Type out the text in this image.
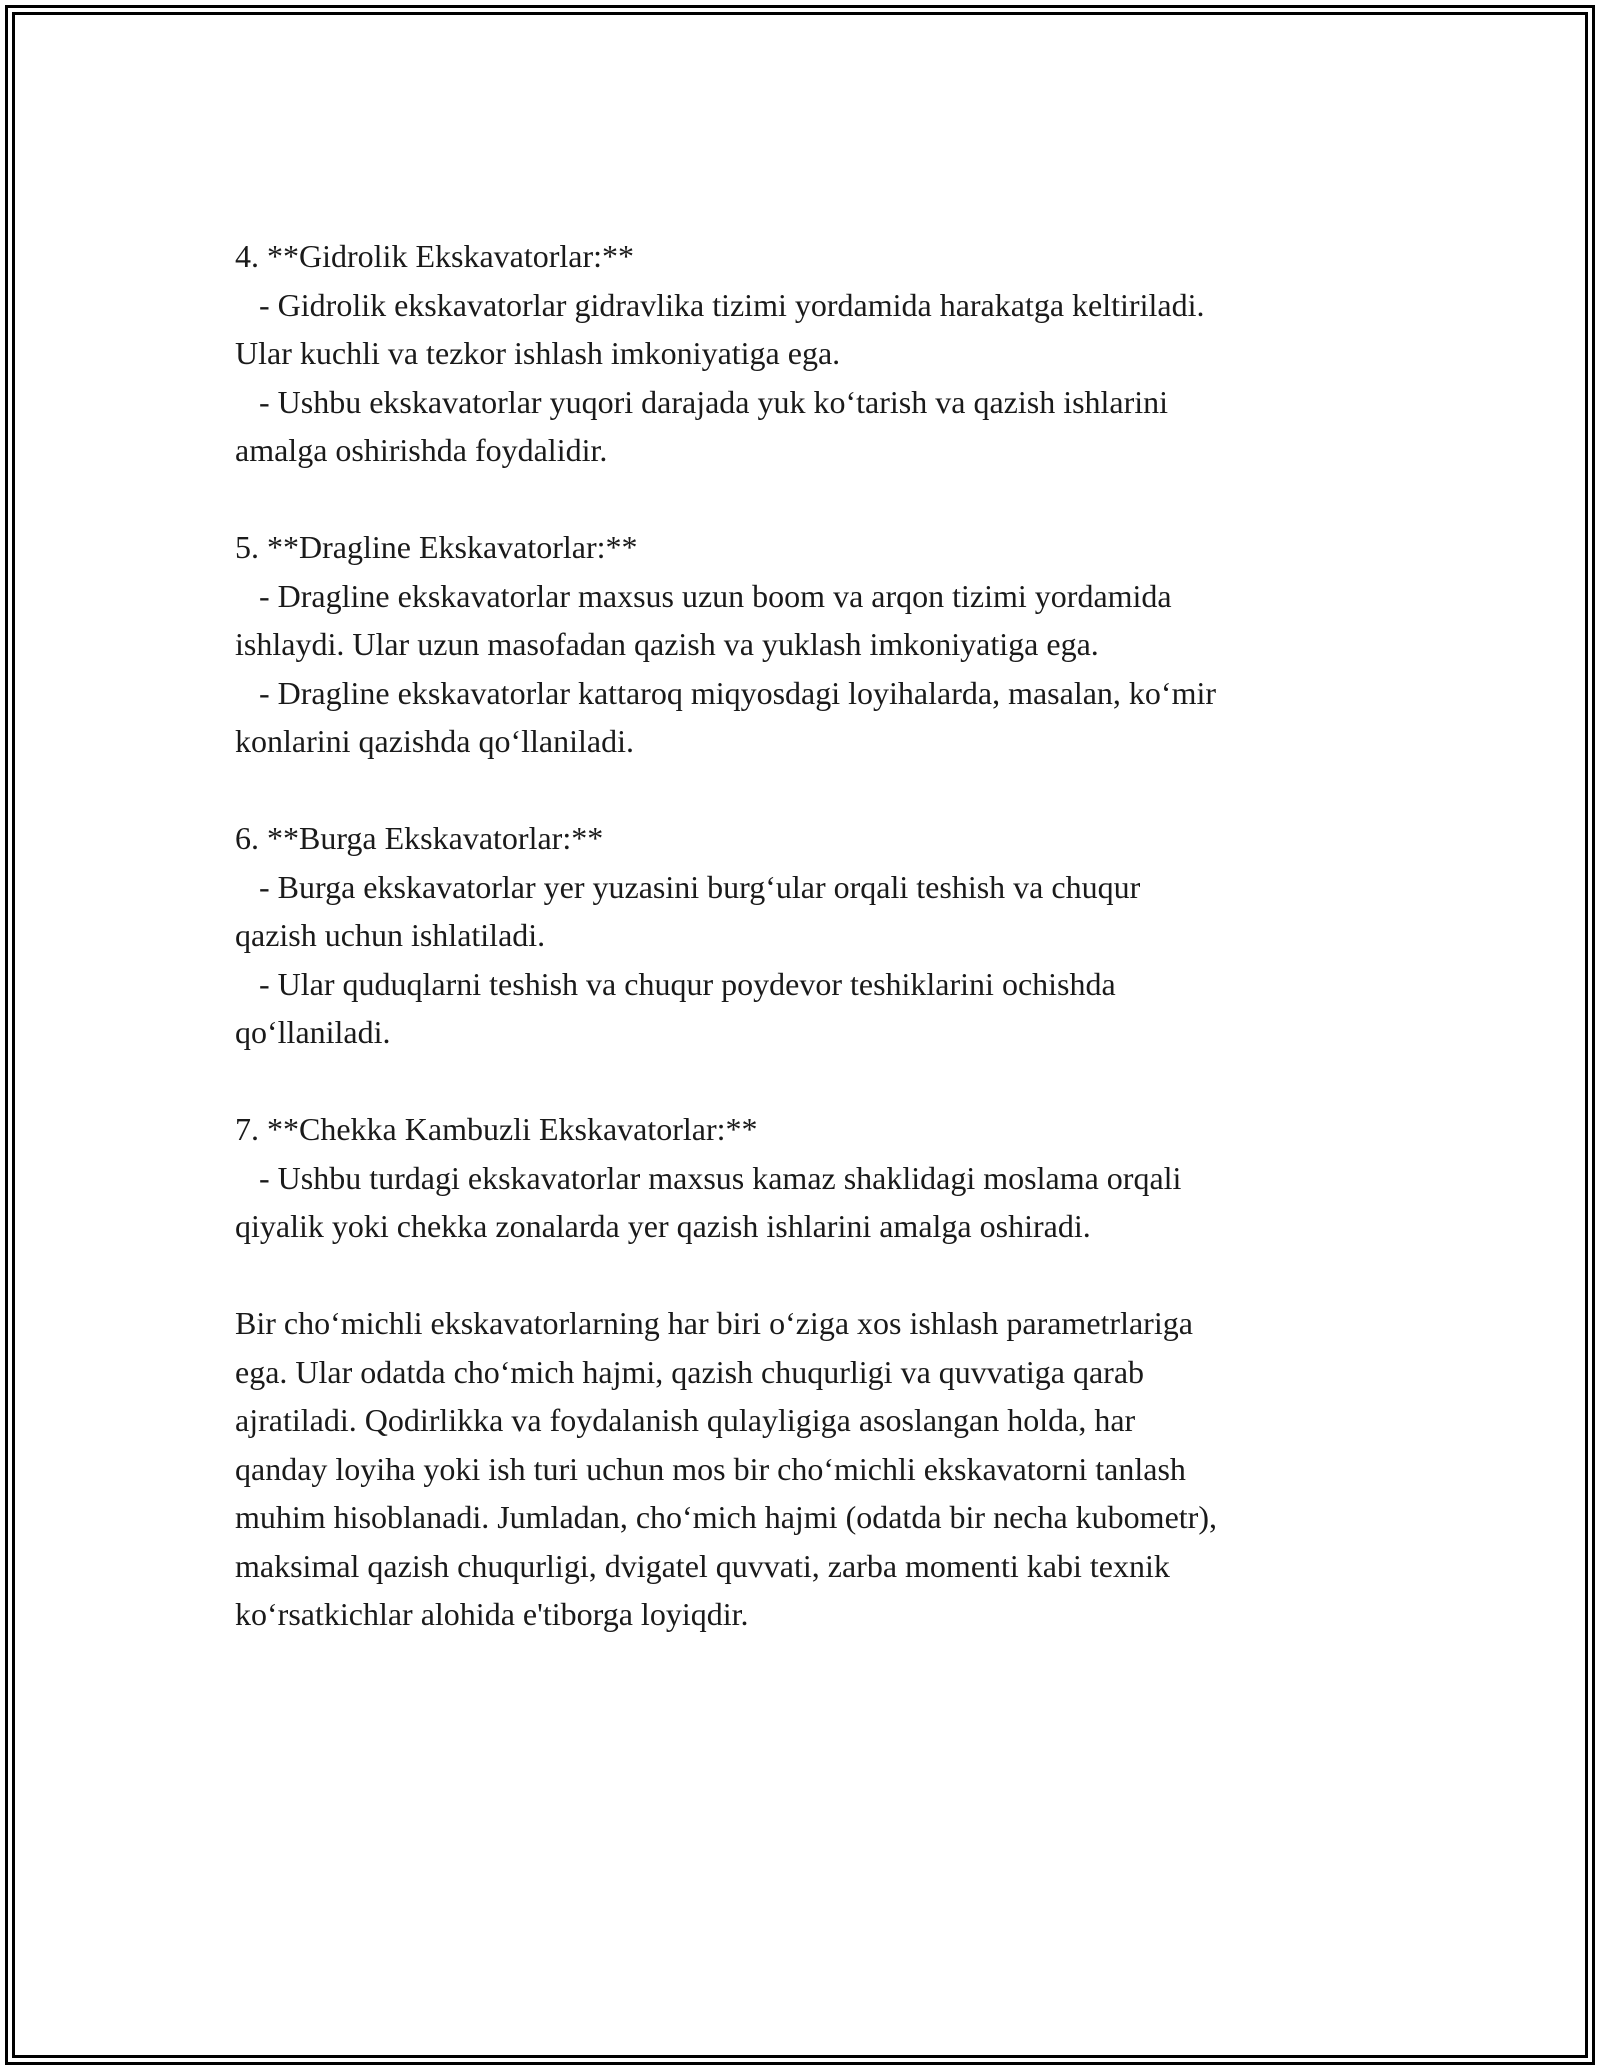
4. **Gidrolik Ekskavatorlar:**

- Gidrolik ekskavatorlar gidravlika tizimi yordamida harakatga keltiriladi.

Ular kuchli va tezkor ishlash imkoniyatiga ega.

- Ushbu ekskavatorlar yuqori darajada yuk ko‘tarish va qazish ishlarini

amalga oshirishda foydalidir.

5. **Dragline Ekskavatorlar:**

- Dragline ekskavatorlar maxsus uzun boom va arqon tizimi yordamida

ishlaydi. Ular uzun masofadan qazish va yuklash imkoniyatiga ega.

- Dragline ekskavatorlar kattaroq miqyosdagi loyihalarda, masalan, ko‘mir

konlarini qazishda qo‘llaniladi.

6. **Burga Ekskavatorlar:**

- Burga ekskavatorlar yer yuzasini burg‘ular orqali teshish va chuqur

qazish uchun ishlatiladi.

- Ular quduqlarni teshish va chuqur poydevor teshiklarini ochishda

qo‘llaniladi.

7. **Chekka Kambuzli Ekskavatorlar:**

- Ushbu turdagi ekskavatorlar maxsus kamaz shaklidagi moslama orqali

qiyalik yoki chekka zonalarda yer qazish ishlarini amalga oshiradi.

Bir cho‘michli ekskavatorlarning har biri o‘ziga xos ishlash parametrlariga

ega. Ular odatda cho‘mich hajmi, qazish chuqurligi va quvvatiga qarab

ajratiladi. Qodirlikka va foydalanish qulayligiga asoslangan holda, har

qanday loyiha yoki ish turi uchun mos bir cho‘michli ekskavatorni tanlash

muhim hisoblanadi. Jumladan, cho‘mich hajmi (odatda bir necha kubometr),

maksimal qazish chuqurligi, dvigatel quvvati, zarba momenti kabi texnik

ko‘rsatkichlar alohida e'tiborga loyiqdir.
